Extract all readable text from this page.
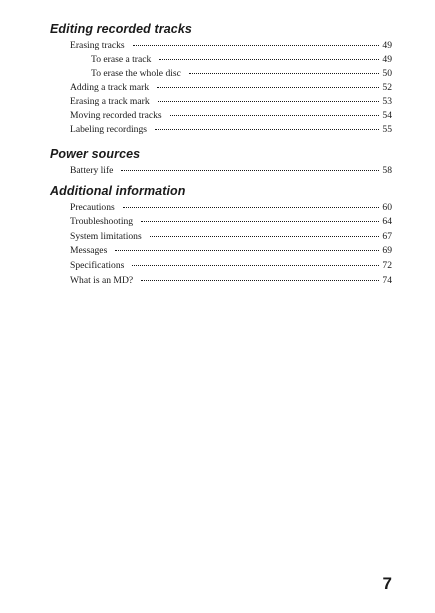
Editing recorded tracks
Erasing tracks	49
To erase a track	49
To erase the whole disc	50
Adding a track mark	52
Erasing a track mark	53
Moving recorded tracks	54
Labeling recordings	55
Power sources
Battery life	58
Additional information
Precautions	60
Troubleshooting	64
System limitations	67
Messages	69
Specifications	72
What is an MD?	74
7
